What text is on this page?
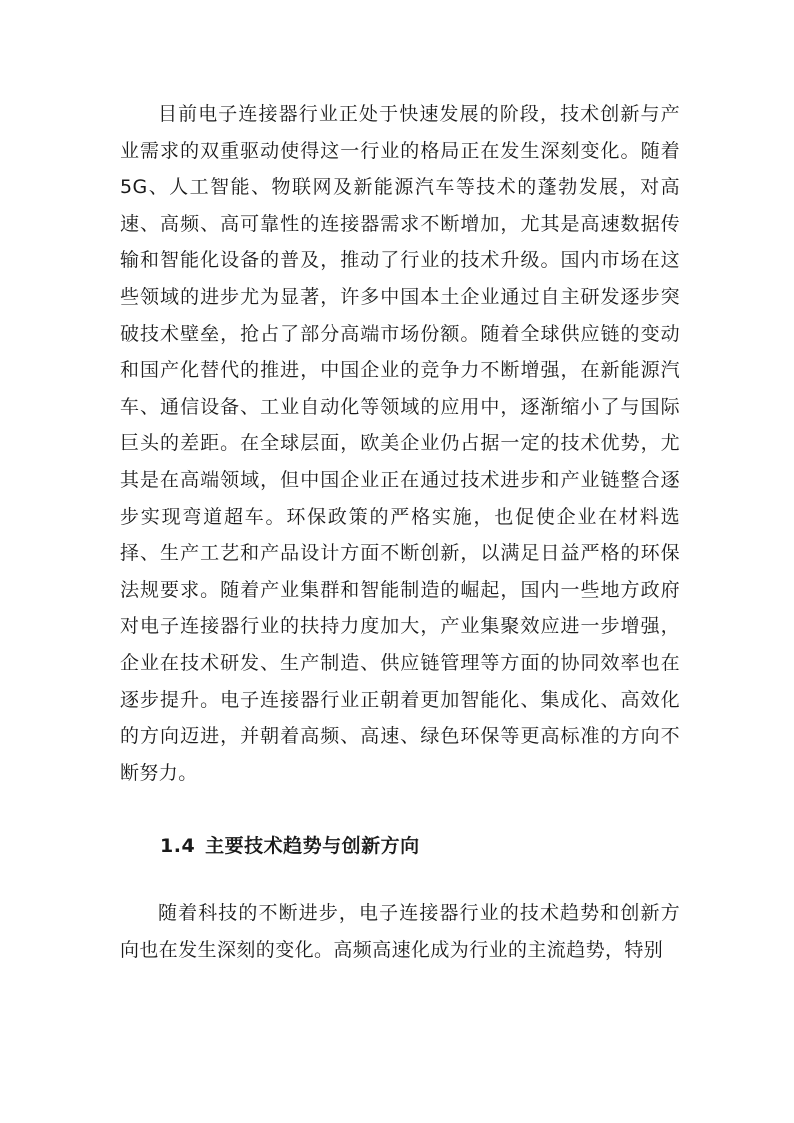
目前电子连接器行业正处于快速发展的阶段，技术创新与产业需求的双重驱动使得这一行业的格局正在发生深刻变化。随着5G、人工智能、物联网及新能源汽车等技术的蓬勃发展，对高速、高频、高可靠性的连接器需求不断增加，尤其是高速数据传输和智能化设备的普及，推动了行业的技术升级。国内市场在这些领域的进步尤为显著，许多中国本土企业通过自主研发逐步突破技术壁垒，抢占了部分高端市场份额。随着全球供应链的变动和国产化替代的推进，中国企业的竞争力不断增强，在新能源汽车、通信设备、工业自动化等领域的应用中，逐渐缩小了与国际巨头的差距。在全球层面，欧美企业仍占据一定的技术优势，尤其是在高端领域，但中国企业正在通过技术进步和产业链整合逐步实现弯道超车。环保政策的严格实施，也促使企业在材料选择、生产工艺和产品设计方面不断创新，以满足日益严格的环保法规要求。随着产业集群和智能制造的崛起，国内一些地方政府对电子连接器行业的扶持力度加大，产业集聚效应进一步增强，企业在技术研发、生产制造、供应链管理等方面的协同效率也在逐步提升。电子连接器行业正朝着更加智能化、集成化、高效化的方向迈进，并朝着高频、高速、绿色环保等更高标准的方向不断努力。

1.4 主要技术趋势与创新方向

随着科技的不断进步，电子连接器行业的技术趋势和创新方向也在发生深刻的变化。高频高速化成为行业的主流趋势，特别
